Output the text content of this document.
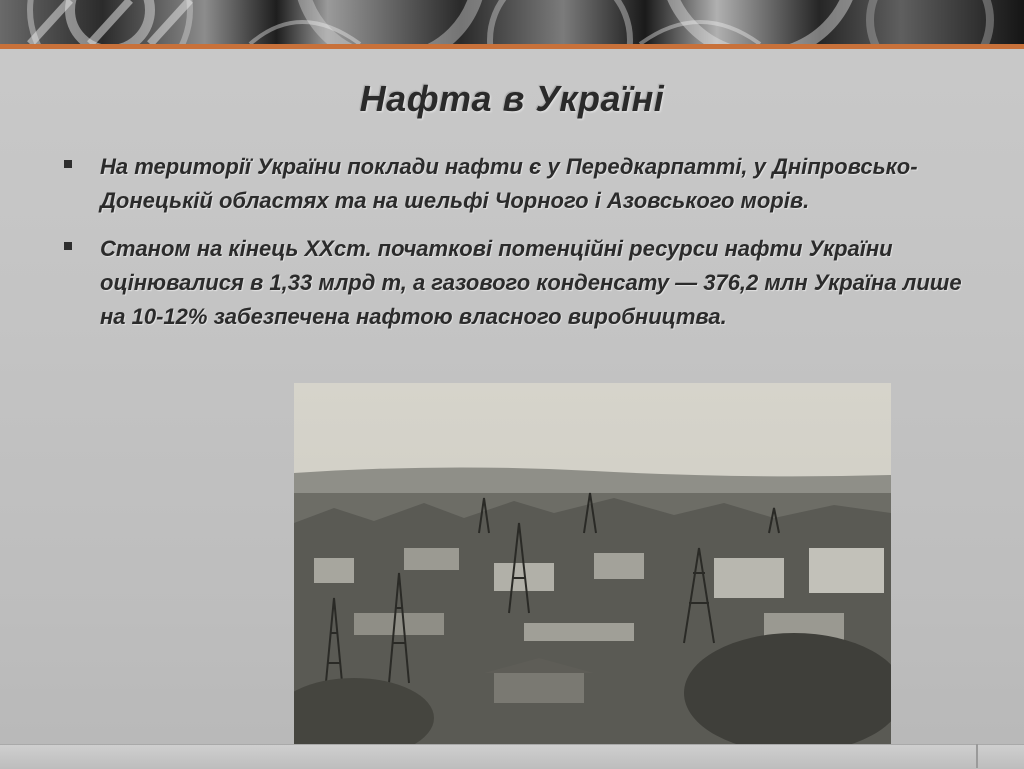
Нафта в Україні
На території України поклади нафти є у Передкарпатті, у Дніпровсько-Донецькій областях та на шельфі Чорного і Азовського морів.
Станом на кінець ХХст. початкові потенційні ресурси нафти України оцінювалися в 1,33 млрд т, а газового конденсату — 376,2 млн Україна лише на 10-12% забезпечена нафтою власного виробництва.
